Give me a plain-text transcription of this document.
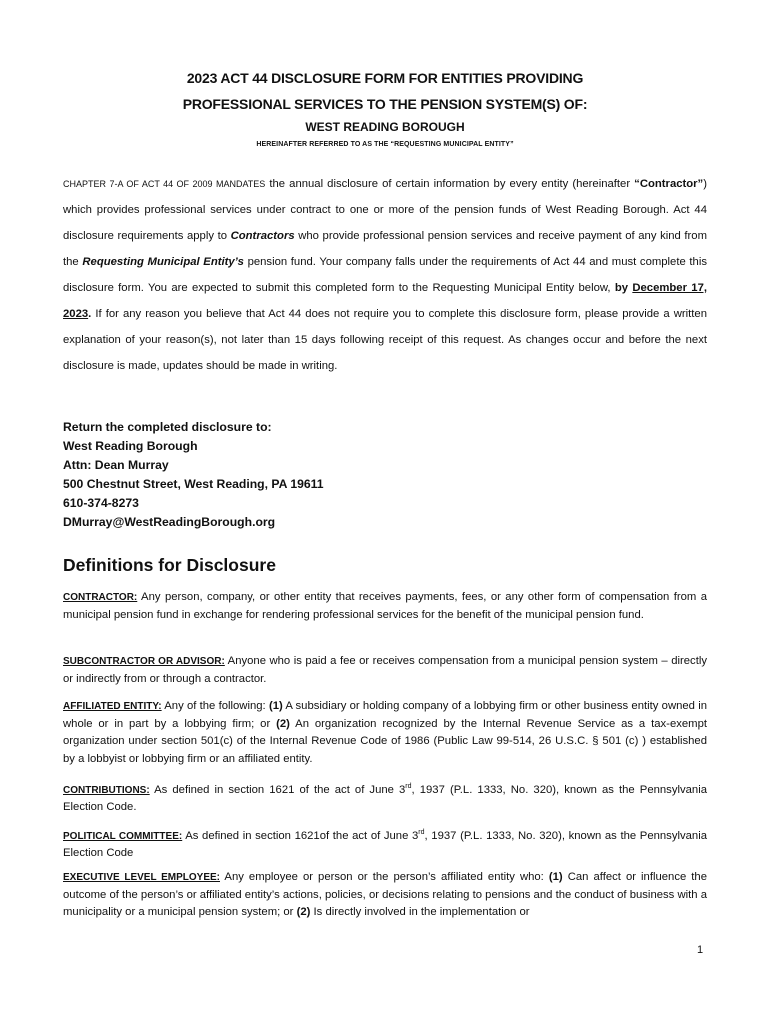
2023 ACT 44 DISCLOSURE FORM FOR ENTITIES PROVIDING
PROFESSIONAL SERVICES TO THE PENSION SYSTEM(S) OF:
WEST READING BOROUGH
HEREINAFTER REFERRED TO AS THE “REQUESTING MUNICIPAL ENTITY”
CHAPTER 7-A OF ACT 44 OF 2009 MANDATES the annual disclosure of certain information by every entity (hereinafter “Contractor”) which provides professional services under contract to one or more of the pension funds of West Reading Borough. Act 44 disclosure requirements apply to Contractors who provide professional pension services and receive payment of any kind from the Requesting Municipal Entity’s pension fund. Your company falls under the requirements of Act 44 and must complete this disclosure form. You are expected to submit this completed form to the Requesting Municipal Entity below, by December 17, 2023. If for any reason you believe that Act 44 does not require you to complete this disclosure form, please provide a written explanation of your reason(s), not later than 15 days following receipt of this request. As changes occur and before the next disclosure is made, updates should be made in writing.
Return the completed disclosure to:
West Reading Borough
Attn: Dean Murray
500 Chestnut Street, West Reading, PA 19611
610-374-8273
DMurray@WestReadingBorough.org
Definitions for Disclosure
CONTRACTOR: Any person, company, or other entity that receives payments, fees, or any other form of compensation from a municipal pension fund in exchange for rendering professional services for the benefit of the municipal pension fund.
SUBCONTRACTOR OR ADVISOR: Anyone who is paid a fee or receives compensation from a municipal pension system – directly or indirectly from or through a contractor.
AFFILIATED ENTITY: Any of the following: (1) A subsidiary or holding company of a lobbying firm or other business entity owned in whole or in part by a lobbying firm; or (2) An organization recognized by the Internal Revenue Service as a tax-exempt organization under section 501(c) of the Internal Revenue Code of 1986 (Public Law 99-514, 26 U.S.C. § 501 (c) ) established by a lobbyist or lobbying firm or an affiliated entity.
CONTRIBUTIONS: As defined in section 1621 of the act of June 3rd, 1937 (P.L. 1333, No. 320), known as the Pennsylvania Election Code.
POLITICAL COMMITTEE: As defined in section 1621of the act of June 3rd, 1937 (P.L. 1333, No. 320), known as the Pennsylvania Election Code
EXECUTIVE LEVEL EMPLOYEE: Any employee or person or the person’s affiliated entity who: (1) Can affect or influence the outcome of the person’s or affiliated entity’s actions, policies, or decisions relating to pensions and the conduct of business with a municipality or a municipal pension system; or (2) Is directly involved in the implementation or
1
